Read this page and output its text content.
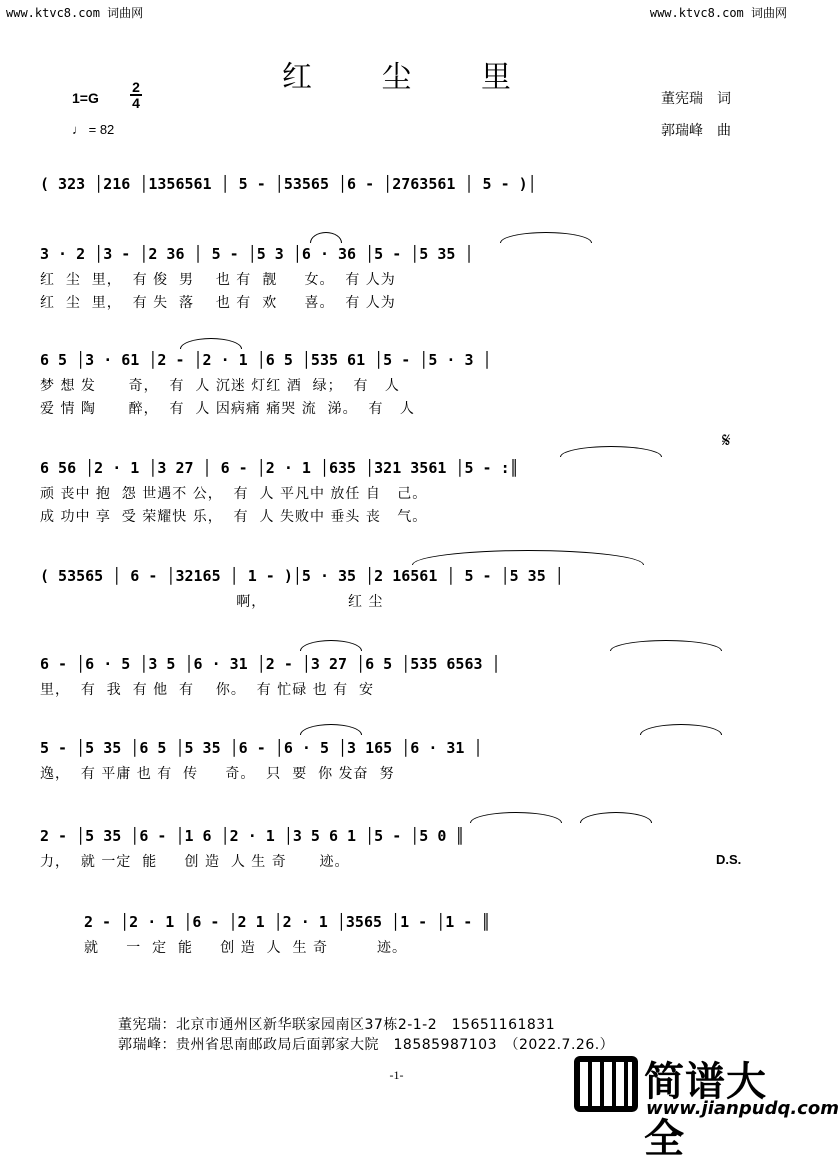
www.ktvc8.com 词曲网	www.ktvc8.com 词曲网
红 尘 里
$1=G \frac{2}{4}$
♩ = 82
董宪瑞　词
郭瑞峰　曲
( 323 │216 │1356561 │ 5 - │53565 │6 - │2763561 │ 5 - )│
3 · 2 │3 - │2 36 │ 5 - │5 3 │6 · 36 │5 - │5 35 │
红  尘  里，  有 俊  男    也 有  靓     女。  有 人为
红  尘  里，  有 失  落    也 有  欢     喜。  有 人为
6 5 │3 · 61 │2 - │2 · 1 │6 5 │535 61 │5 - │5 · 3 │
梦 想 发      奇，  有  人 沉迷 灯红 酒  绿；  有   人
爱 情 陶      醉，  有  人 因病痛 痛哭 流  涕。  有   人
𝄋
6 56 │2 · 1 │3 27 │ 6 - │2 · 1 │635 │321 3561 │5 - :║
顽 丧中 抱  怨 世遇不 公，  有  人 平凡中 放任 自   己。
成 功中 享  受 荣耀快 乐，  有  人 失败中 垂头 丧   气。
( 53565 │ 6 - │32165 │ 1 - )│5 · 35 │2 16561 │ 5 - │5 35 │
啊，               红 尘
6 - │6 · 5 │3 5 │6 · 31 │2 - │3 27 │6 5 │535 6563 │
里，  有  我  有 他  有    你。  有 忙碌 也 有  安
5 - │5 35 │6 5 │5 35 │6 - │6 · 5 │3 165 │6 · 31 │
逸，  有 平庸 也 有  传     奇。  只  要  你 发奋  努
2 - │5 35 │6 - │1 6 │2 · 1 │3 5 6 1 │5 - │5 0 ║
力，  就 一定  能     创 造  人 生 奇      迹。	D.S.
2 - │2 · 1 │6 - │2 1 │2 · 1 │3565 │1 - │1 - ║
就     一  定  能     创 造  人  生 奇         迹。
董宪瑞：北京市通州区新华联家园南区37栋2-1-2　15651161831
郭瑞峰：贵州省思南邮政局后面郭家大院　18585987103　（2022.7.26.）
-1-	简谱大全
www.jianpudq.com
